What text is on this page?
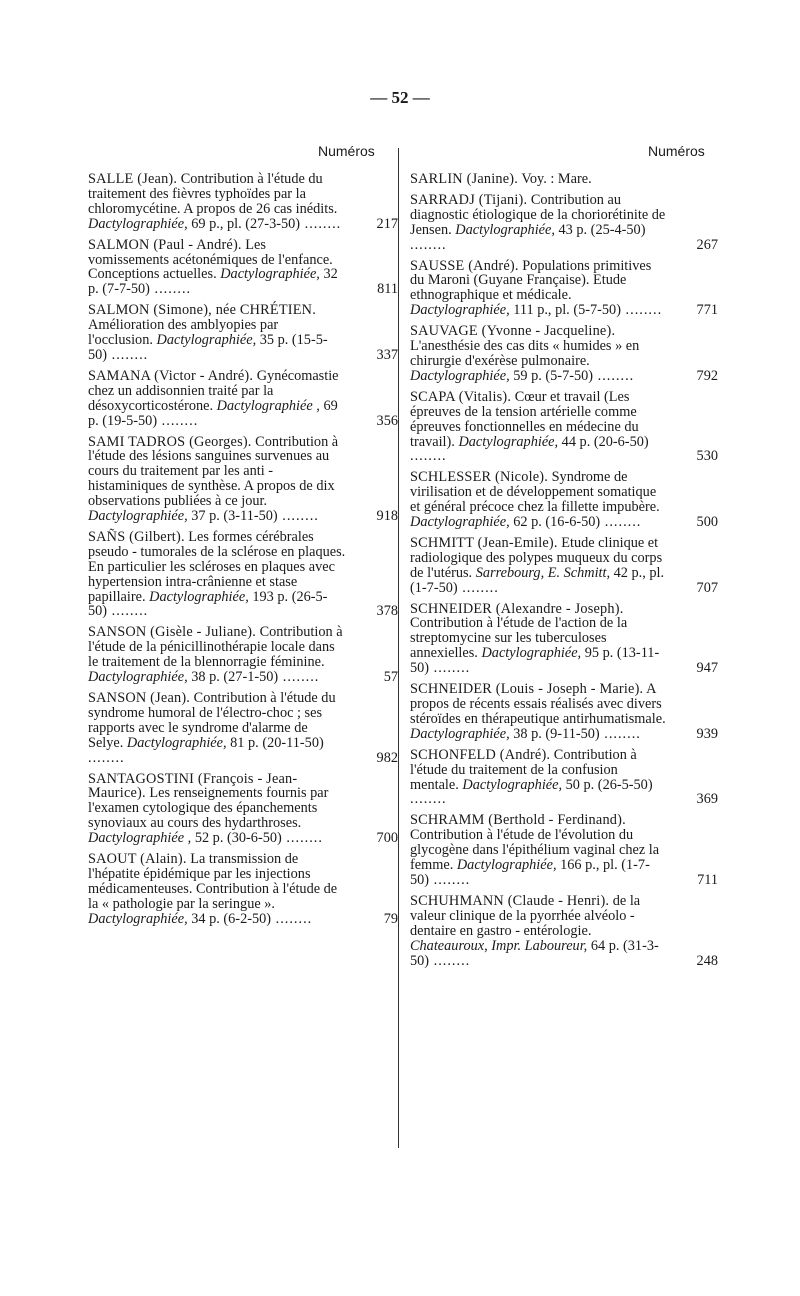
— 52 —
Numéros	Numéros
SALLE (Jean). Contribution à l'étude du traitement des fièvres typhoïdes par la chloromycétine. A propos de 26 cas inédits. Dactylographiée, 69 p., pl. (27-3-50) ........	217
SALMON (Paul - André). Les vomissements acétonémiques de l'enfance. Conceptions actuelles. Dactylographiée, 32 p. (7-7-50) ........	811
SALMON (Simone), née CHRÉTIEN. Amélioration des amblyopies par l'occlusion. Dactylographiée, 35 p. (15-5-50) ........	337
SAMANA (Victor - André). Gynécomastie chez un addisonnien traité par la désoxycorticostérone. Dactylographiée , 69 p. (19-5-50) ........	356
SAMI TADROS (Georges). Contribution à l'étude des lésions sanguines survenues au cours du traitement par les anti - histaminiques de synthèse. A propos de dix observations publiées à ce jour. Dactylographiée, 37 p. (3-11-50) ........	918
SAÑS (Gilbert). Les formes cérébrales pseudo - tumorales de la sclérose en plaques. En particulier les scléroses en plaques avec hypertension intra-crânienne et stase papillaire. Dactylographiée, 193 p. (26-5-50) ........	378
SANSON (Gisèle - Juliane). Contribution à l'étude de la pénicillinothérapie locale dans le traitement de la blennorragie féminine. Dactylographiée, 38 p. (27-1-50) ........	57
SANSON (Jean). Contribution à l'étude du syndrome humoral de l'électro-choc ; ses rapports avec le syndrome d'alarme de Selye. Dactylographiée, 81 p. (20-11-50) ........	982
SANTAGOSTINI (François - Jean-Maurice). Les renseignements fournis par l'examen cytologique des épanchements synoviaux au cours des hydarthroses. Dactylographiée , 52 p. (30-6-50) ........	700
SAOUT (Alain). La transmission de l'hépatite épidémique par les injections médicamenteuses. Contribution à l'étude de la « pathologie par la seringue ». Dactylographiée, 34 p. (6-2-50) ........	79
SARLIN (Janine). Voy. : Mare.
SARRADJ (Tijani). Contribution au diagnostic étiologique de la choriorétinite de Jensen. Dactylographiée, 43 p. (25-4-50) ........	267
SAUSSE (André). Populations primitives du Maroni (Guyane Française). Etude ethnographique et médicale. Dactylographiée, 111 p., pl. (5-7-50) ........	771
SAUVAGE (Yvonne - Jacqueline). L'anesthésie des cas dits « humides » en chirurgie d'exérèse pulmonaire. Dactylographiée, 59 p. (5-7-50) ........	792
SCAPA (Vitalis). Cœur et travail (Les épreuves de la tension artérielle comme épreuves fonctionnelles en médecine du travail). Dactylographiée, 44 p. (20-6-50) ........	530
SCHLESSER (Nicole). Syndrome de virilisation et de développement somatique et général précoce chez la fillette impubère. Dactylographiée, 62 p. (16-6-50) ........	500
SCHMITT (Jean-Emile). Etude clinique et radiologique des polypes muqueux du corps de l'utérus. Sarrebourg, E. Schmitt, 42 p., pl. (1-7-50) ........	707
SCHNEIDER (Alexandre - Joseph). Contribution à l'étude de l'action de la streptomycine sur les tuberculoses annexielles. Dactylographiée, 95 p. (13-11-50) ........	947
SCHNEIDER (Louis - Joseph - Marie). A propos de récents essais réalisés avec divers stéroïdes en thérapeutique antirhumatismale. Dactylographiée, 38 p. (9-11-50) ........	939
SCHONFELD (André). Contribution à l'étude du traitement de la confusion mentale. Dactylographiée, 50 p. (26-5-50) ........	369
SCHRAMM (Berthold - Ferdinand). Contribution à l'étude de l'évolution du glycogène dans l'épithélium vaginal chez la femme. Dactylographiée, 166 p., pl. (1-7-50) ........	711
SCHUHMANN (Claude - Henri). de la valeur clinique de la pyorrhée alvéolo - dentaire en gastro - entérologie. Chateauroux, Impr. Laboureur, 64 p. (31-3-50) ........	248
